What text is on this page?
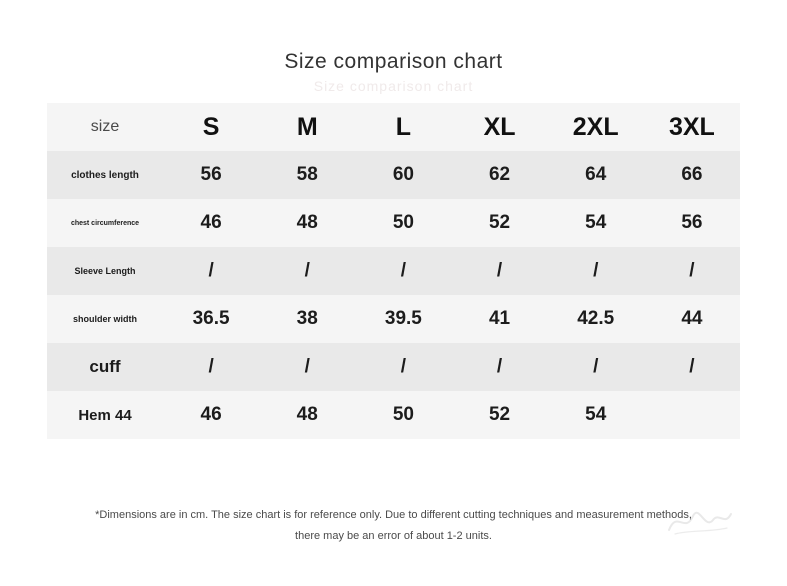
Size comparison chart
Size comparison chart
size	S	M	L	XL	2XL	3XL
clothes length	56	58	60	62	64	66
chest circumference	46	48	50	52	54	56
Sleeve Length	/	/	/	/	/	/
shoulder width	36.5	38	39.5	41	42.5	44
cuff	/	/	/	/	/	/
Hem 44	46	48	50	52	54	
*Dimensions are in cm. The size chart is for reference only. Due to different cutting techniques and measurement methods,
there may be an error of about 1-2 units.
